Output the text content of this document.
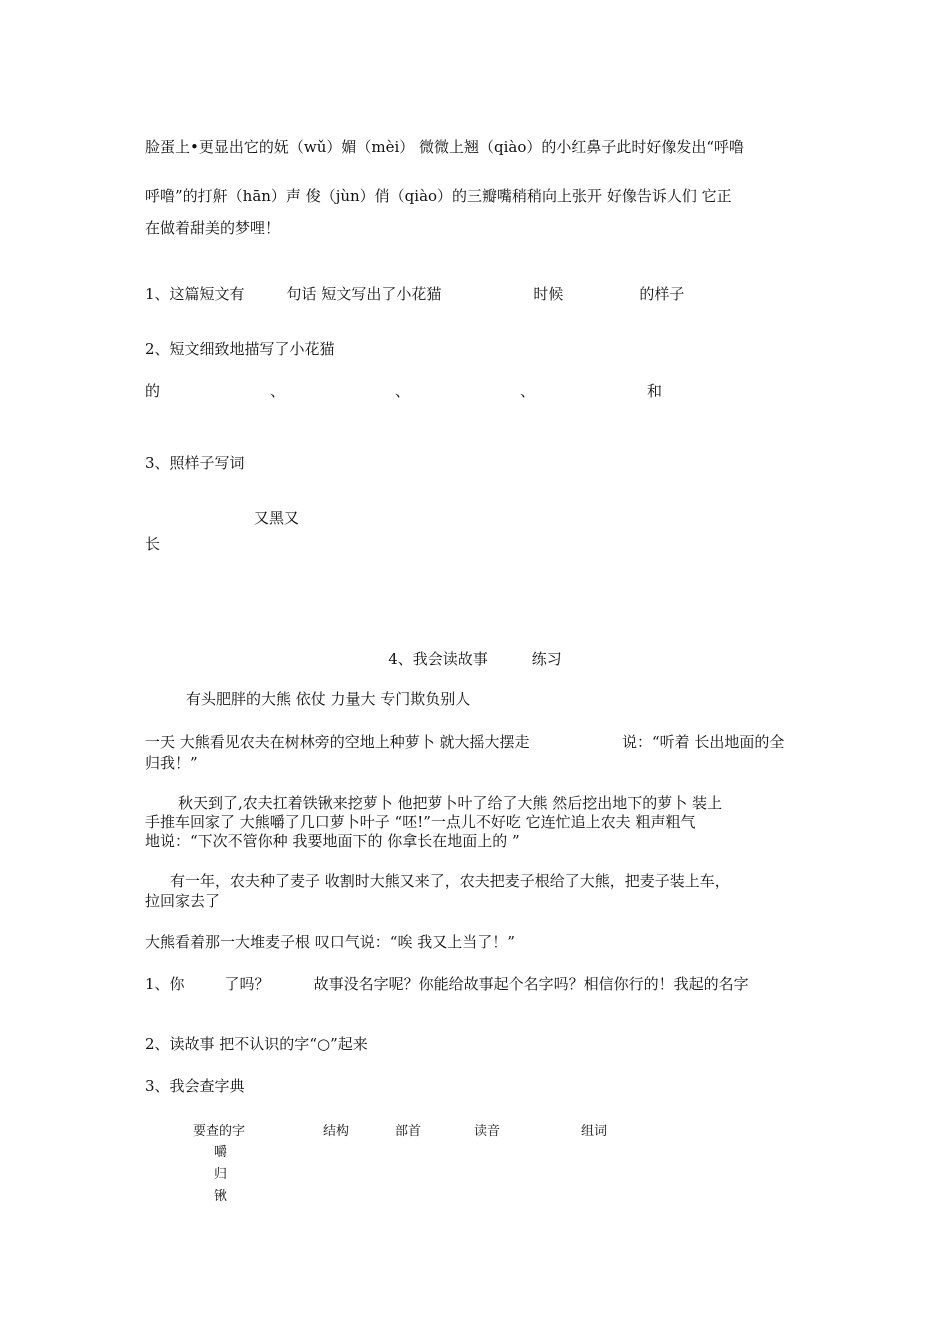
脸蛋上•更显出它的妩（wǔ）媚（mèi） 微微上翘（qiào）的小红鼻子此时好像发出“呼噜
呼噜”的打鼾（hān）声 俊（jùn）俏（qiào）的三瓣嘴稍稍向上张开 好像告诉人们 它正
在做着甜美的梦哩！
1、这篇短文有	句话 短文写出了小花猫	时候	的样子
2、短文细致地描写了小花猫
的	、	、	、	和
3、照样子写词
又黑又
长
4、我会读故事	练习
有头肥胖的大熊 依仗 力量大 专门欺负别人
一天 大熊看见农夫在树林旁的空地上种萝卜 就大摇大摆走	说：“听着 长出地面的全
归我！”
秋天到了,农夫扛着铁锹来挖萝卜 他把萝卜叶了给了大熊 然后挖出地下的萝卜 装上
手推车回家了 大熊嚼了几口萝卜叶子 “呸!”一点儿不好吃 它连忙追上农夫 粗声粗气
地说：“下次不管你种 我要地面下的 你拿长在地面上的 ”
有一年，农夫种了麦子 收割时大熊又来了，农夫把麦子根给了大熊，把麦子装上车，
拉回家去了
大熊看着那一大堆麦子根 叹口气说：“唉 我又上当了！”
1、你	了吗？	故事没名字呢？你能给故事起个名字吗？相信你行的！我起的名字
2、读故事 把不认识的字“○”起来
3、我会查字典
要查的字	结构	部首	读音	组词
嚼
归
锹
